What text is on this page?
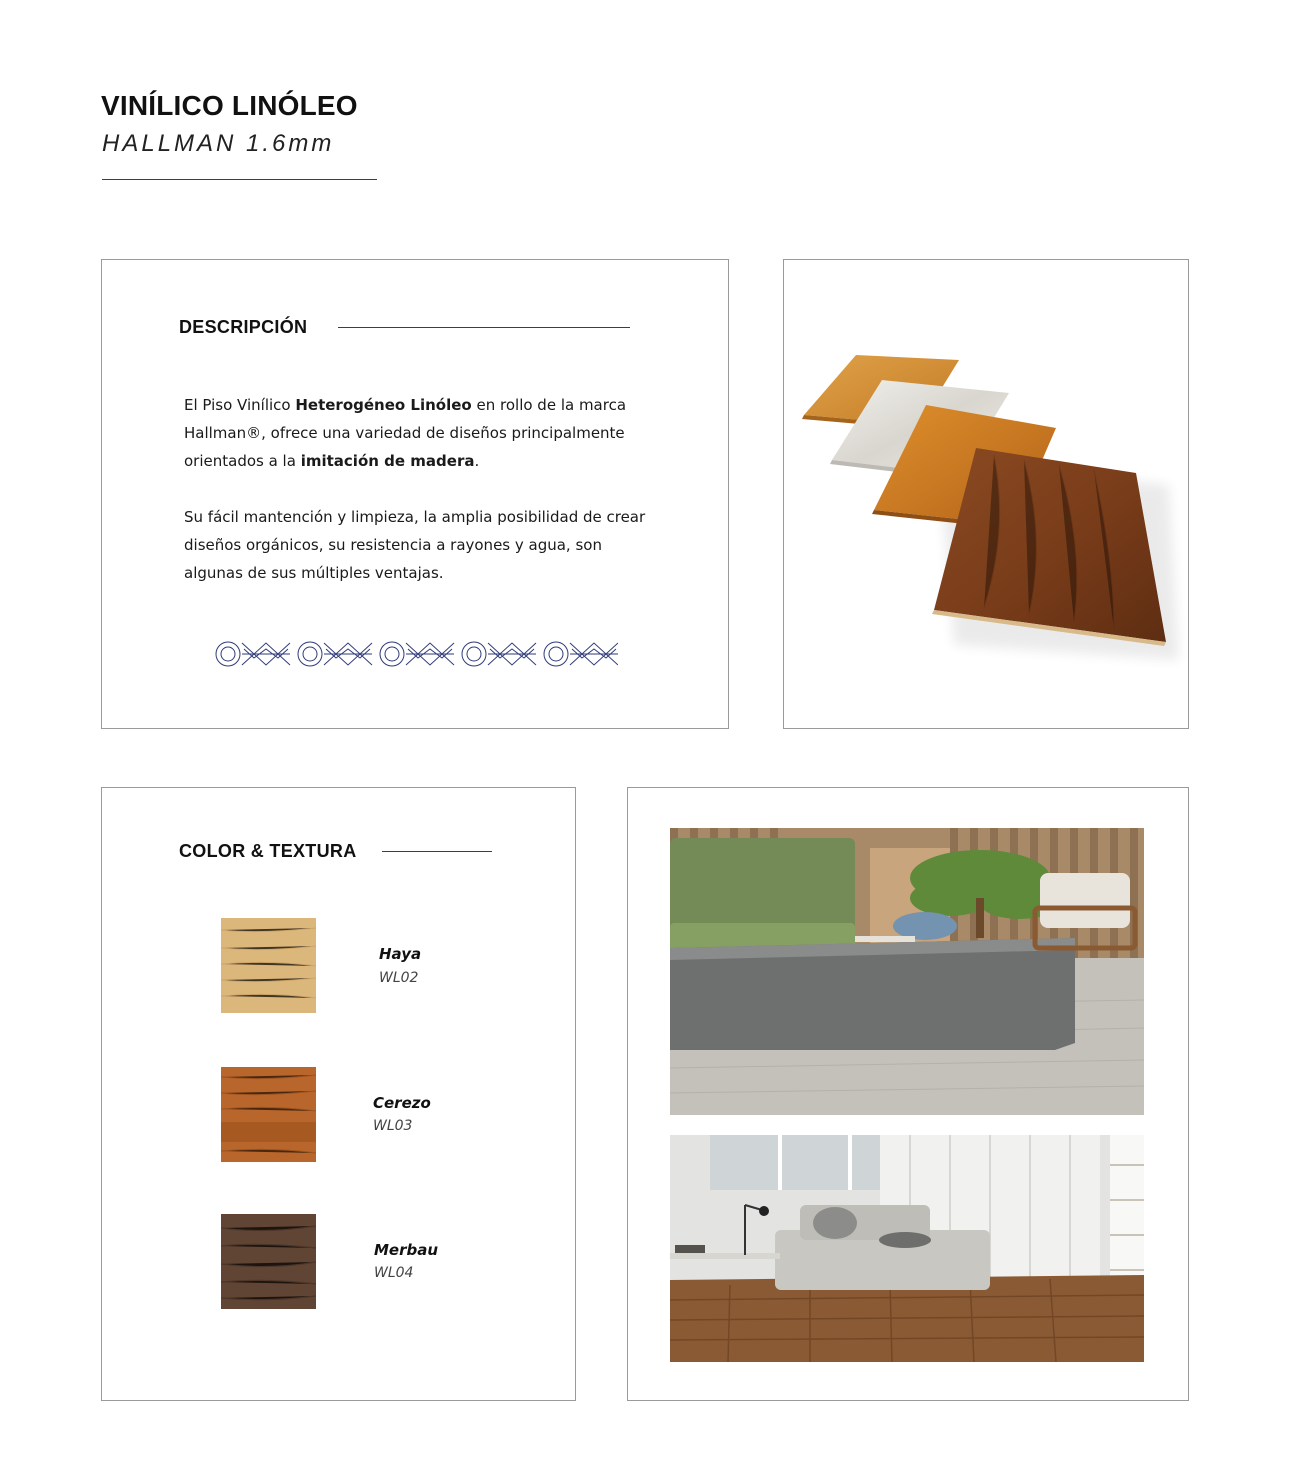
VINÍLICO LINÓLEO
HALLMAN 1.6mm
DESCRIPCIÓN
El Piso Vinílico Heterogéneo Linóleo en rollo de la marca Hallman®, ofrece una variedad de diseños principalmente orientados a la imitación de madera.
Su fácil mantención y limpieza, la amplia posibilidad de crear diseños orgánicos, su resistencia a rayones y agua, son algunas de sus múltiples ventajas.
COLOR & TEXTURA
Haya
WL02
Cerezo
WL03
Merbau
WL04
